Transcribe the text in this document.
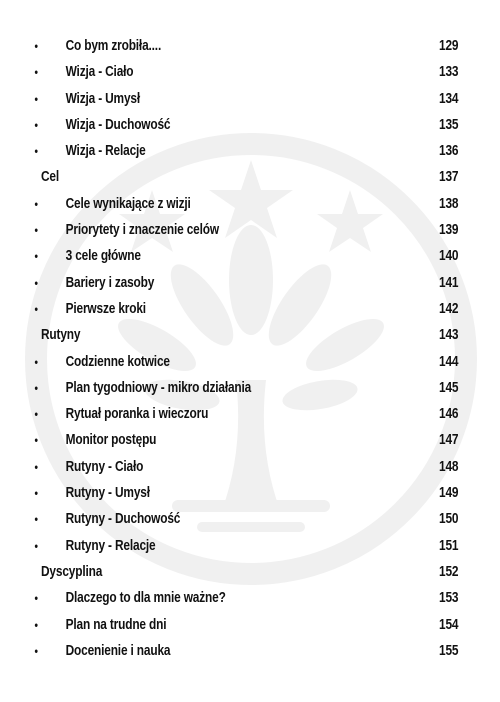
• Co bym zrobiła....	129
• Wizja - Ciało	133
• Wizja - Umysł	134
• Wizja - Duchowość	135
• Wizja - Relacje	136
Cel	137
• Cele wynikające z wizji	138
• Priorytety i znaczenie celów	139
• 3 cele główne	140
• Bariery i zasoby	141
• Pierwsze kroki	142
Rutyny	143
• Codzienne kotwice	144
• Plan tygodniowy - mikro działania	145
• Rytuał poranka i wieczoru	146
• Monitor postępu	147
• Rutyny - Ciało	148
• Rutyny - Umysł	149
• Rutyny - Duchowość	150
• Rutyny - Relacje	151
Dyscyplina	152
• Dlaczego to dla mnie ważne?	153
• Plan na trudne dni	154
• Docenienie i nauka	155
